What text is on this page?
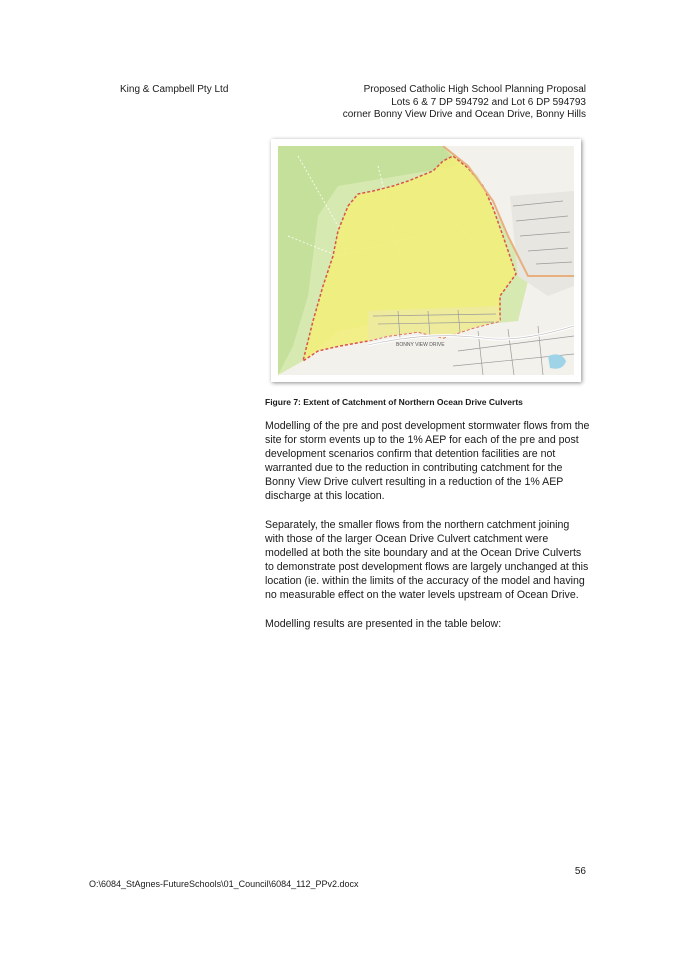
King & Campbell Pty Ltd	Proposed Catholic High School Planning Proposal
Lots 6 & 7 DP 594792 and Lot 6 DP 594793
corner Bonny View Drive and Ocean Drive, Bonny Hills
BONNY VIEW DRIVE
Figure 7: Extent of Catchment of Northern Ocean Drive Culverts

Modelling of the pre and post development stormwater flows from the site for storm events up to the 1% AEP for each of the pre and post development scenarios confirm that detention facilities are not warranted due to the reduction in contributing catchment for the Bonny View Drive culvert resulting in a reduction of the 1% AEP discharge at this location.

Separately, the smaller flows from the northern catchment joining with those of the larger Ocean Drive Culvert catchment were modelled at both the site boundary and at the Ocean Drive Culverts to demonstrate post development flows are largely unchanged at this location (ie. within the limits of the accuracy of the model and having no measurable effect on the water levels upstream of Ocean Drive.

Modelling results are presented in the table below:

56
O:\6084_StAgnes-FutureSchools\01_Council\6084_112_PPv2.docx
